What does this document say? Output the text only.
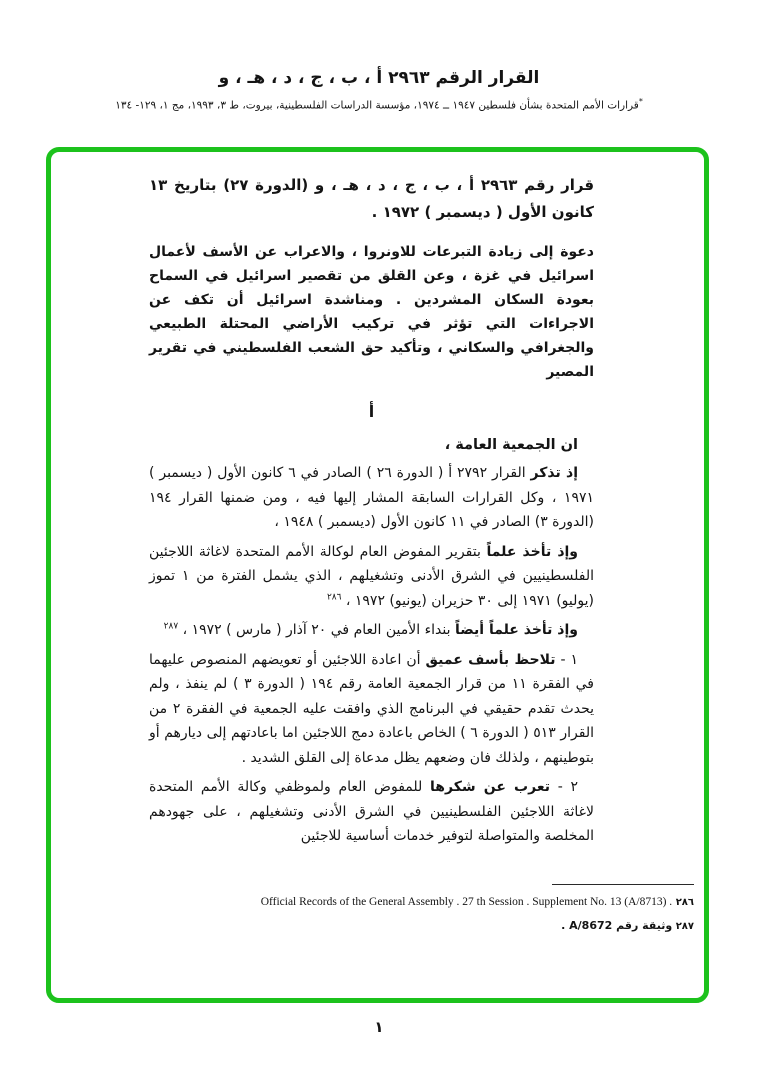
القرار الرقم ٢٩٦٣ أ ، ب ، ج ، د ، هـ ، و
*قرارات الأمم المتحدة بشأن فلسطين ١٩٤٧ ــ ١٩٧٤، مؤسسة الدراسات الفلسطينية، بيروت، ط ٣، ١٩٩٣، مج ١، ١٢٩- ١٣٤

قرار رقم ٢٩٦٣ أ ، ب ، ج ، د ، هـ ، و (الدورة ٢٧) بتاريخ ١٣ كانون الأول ( ديسمبر ) ١٩٧٢ .

دعوة إلى زيادة التبرعات للاونروا ، والاعراب عن الأسف لأعمال اسرائيل في غزة ، وعن القلق من تقصير اسرائيل في السماح بعودة السكان المشردين . ومناشدة اسرائيل أن تكف عن الاجراءات التي تؤثر في تركيب الأراضي المحتلة الطبيعي والجغرافي والسكاني ، وتأكيد حق الشعب الفلسطيني في تقرير المصير

أ

ان الجمعية العامة ،

إذ تذكر القرار ٢٧٩٢ أ ( الدورة ٢٦ ) الصادر في ٦ كانون الأول ( ديسمبر ) ١٩٧١ ، وكل القرارات السابقة المشار إليها فيه ، ومن ضمنها القرار ١٩٤ (الدورة ٣) الصادر في ١١ كانون الأول (ديسمبر ) ١٩٤٨ ،

وإذ تأخذ علماً بتقرير المفوض العام لوكالة الأمم المتحدة لاغاثة اللاجئين الفلسطينيين في الشرق الأدنى وتشغيلهم ، الذي يشمل الفترة من ١ تموز (يوليو) ١٩٧١ إلى ٣٠ حزيران (يونيو) ١٩٧٢ ، $^{٢٨٦}$

وإذ تأخذ علماً أيضاً بنداء الأمين العام في ٢٠ آذار ( مارس ) ١٩٧٢ ، $^{٢٨٧}$

١ - تلاحظ بأسف عميق أن اعادة اللاجئين أو تعويضهم المنصوص عليهما في الفقرة ١١ من قرار الجمعية العامة رقم ١٩٤ ( الدورة ٣ ) لم ينفذ ، ولم يحدث تقدم حقيقي في البرنامج الذي وافقت عليه الجمعية في الفقرة ٢ من القرار ٥١٣ ( الدورة ٦ ) الخاص باعادة دمج اللاجئين اما باعادتهم إلى ديارهم أو بتوطينهم ، ولذلك فان وضعهم يظل مدعاة إلى القلق الشديد .

٢ - تعرب عن شكرها للمفوض العام ولموظفي وكالة الأمم المتحدة لاغاثة اللاجئين الفلسطينيين في الشرق الأدنى وتشغيلهم ، على جهودهم المخلصة والمتواصلة لتوفير خدمات أساسية للاجئين

٢٨٦ Official Records of the General Assembly . 27 th Session . Supplement No. 13 (A/8713) .
٢٨٧ وثيقة رقم A/8672 .
١
